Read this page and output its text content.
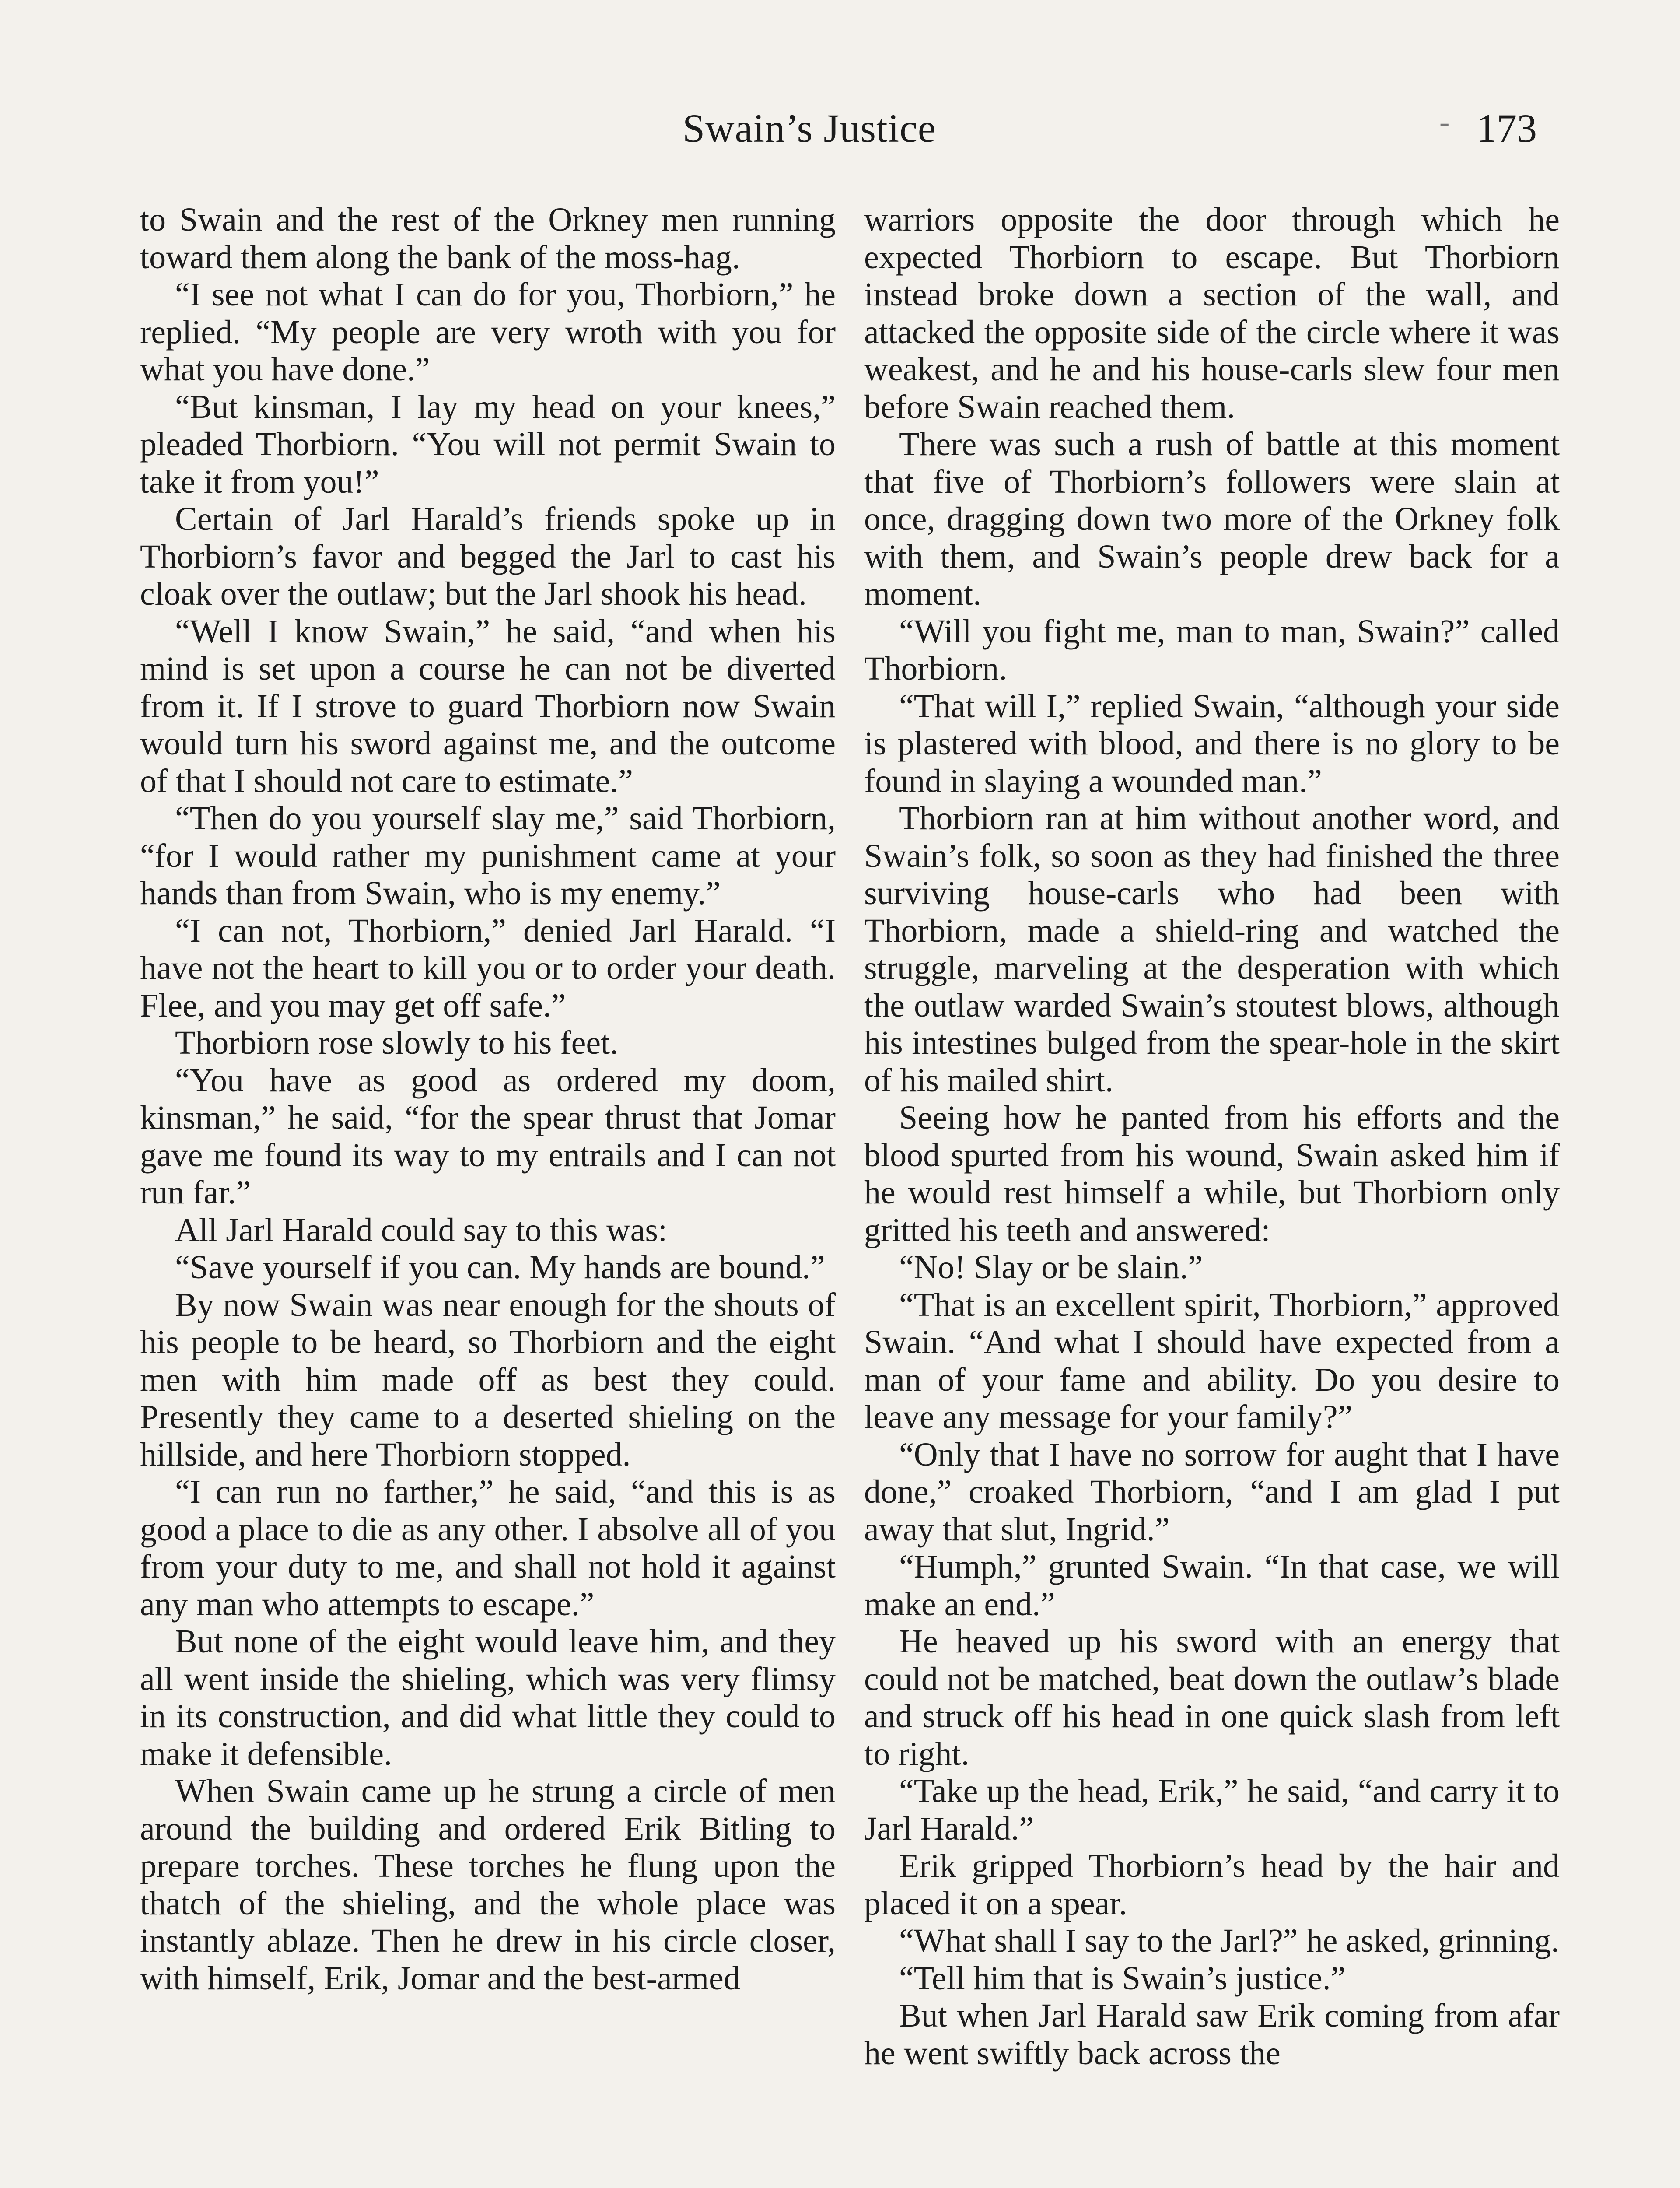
Swain’s Justice	- 173

to Swain and the rest of the Orkney men running toward them along the bank of the moss-hag.

“I see not what I can do for you, Thorbiorn,” he replied. “My people are very wroth with you for what you have done.”

“But kinsman, I lay my head on your knees,” pleaded Thorbiorn. “You will not permit Swain to take it from you!”

Certain of Jarl Harald’s friends spoke up in Thorbiorn’s favor and begged the Jarl to cast his cloak over the outlaw; but the Jarl shook his head.

“Well I know Swain,” he said, “and when his mind is set upon a course he can not be diverted from it. If I strove to guard Thorbiorn now Swain would turn his sword against me, and the outcome of that I should not care to estimate.”

“Then do you yourself slay me,” said Thorbiorn, “for I would rather my punishment came at your hands than from Swain, who is my enemy.”

“I can not, Thorbiorn,” denied Jarl Harald. “I have not the heart to kill you or to order your death. Flee, and you may get off safe.”

Thorbiorn rose slowly to his feet.

“You have as good as ordered my doom, kinsman,” he said, “for the spear thrust that Jomar gave me found its way to my entrails and I can not run far.”

All Jarl Harald could say to this was:

“Save yourself if you can. My hands are bound.”

By now Swain was near enough for the shouts of his people to be heard, so Thorbiorn and the eight men with him made off as best they could. Presently they came to a deserted shieling on the hillside, and here Thorbiorn stopped.

“I can run no farther,” he said, “and this is as good a place to die as any other. I absolve all of you from your duty to me, and shall not hold it against any man who attempts to escape.”

But none of the eight would leave him, and they all went inside the shieling, which was very flimsy in its construction, and did what little they could to make it defensible.

When Swain came up he strung a circle of men around the building and ordered Erik Bitling to prepare torches. These torches he flung upon the thatch of the shieling, and the whole place was instantly ablaze. Then he drew in his circle closer, with himself, Erik, Jomar and the best-armed

warriors opposite the door through which he expected Thorbiorn to escape. But Thorbiorn instead broke down a section of the wall, and attacked the opposite side of the circle where it was weakest, and he and his house-carls slew four men before Swain reached them.

There was such a rush of battle at this moment that five of Thorbiorn’s followers were slain at once, dragging down two more of the Orkney folk with them, and Swain’s people drew back for a moment.

“Will you fight me, man to man, Swain?” called Thorbiorn.

“That will I,” replied Swain, “although your side is plastered with blood, and there is no glory to be found in slaying a wounded man.”

Thorbiorn ran at him without another word, and Swain’s folk, so soon as they had finished the three surviving house-carls who had been with Thorbiorn, made a shield-ring and watched the struggle, marveling at the desperation with which the outlaw warded Swain’s stoutest blows, although his intestines bulged from the spear-hole in the skirt of his mailed shirt.

Seeing how he panted from his efforts and the blood spurted from his wound, Swain asked him if he would rest himself a while, but Thorbiorn only gritted his teeth and answered:

“No! Slay or be slain.”

“That is an excellent spirit, Thorbiorn,” approved Swain. “And what I should have expected from a man of your fame and ability. Do you desire to leave any message for your family?”

“Only that I have no sorrow for aught that I have done,” croaked Thorbiorn, “and I am glad I put away that slut, Ingrid.”

“Humph,” grunted Swain. “In that case, we will make an end.”

He heaved up his sword with an energy that could not be matched, beat down the outlaw’s blade and struck off his head in one quick slash from left to right.

“Take up the head, Erik,” he said, “and carry it to Jarl Harald.”

Erik gripped Thorbiorn’s head by the hair and placed it on a spear.

“What shall I say to the Jarl?” he asked, grinning.

“Tell him that is Swain’s justice.”

But when Jarl Harald saw Erik coming from afar he went swiftly back across the
